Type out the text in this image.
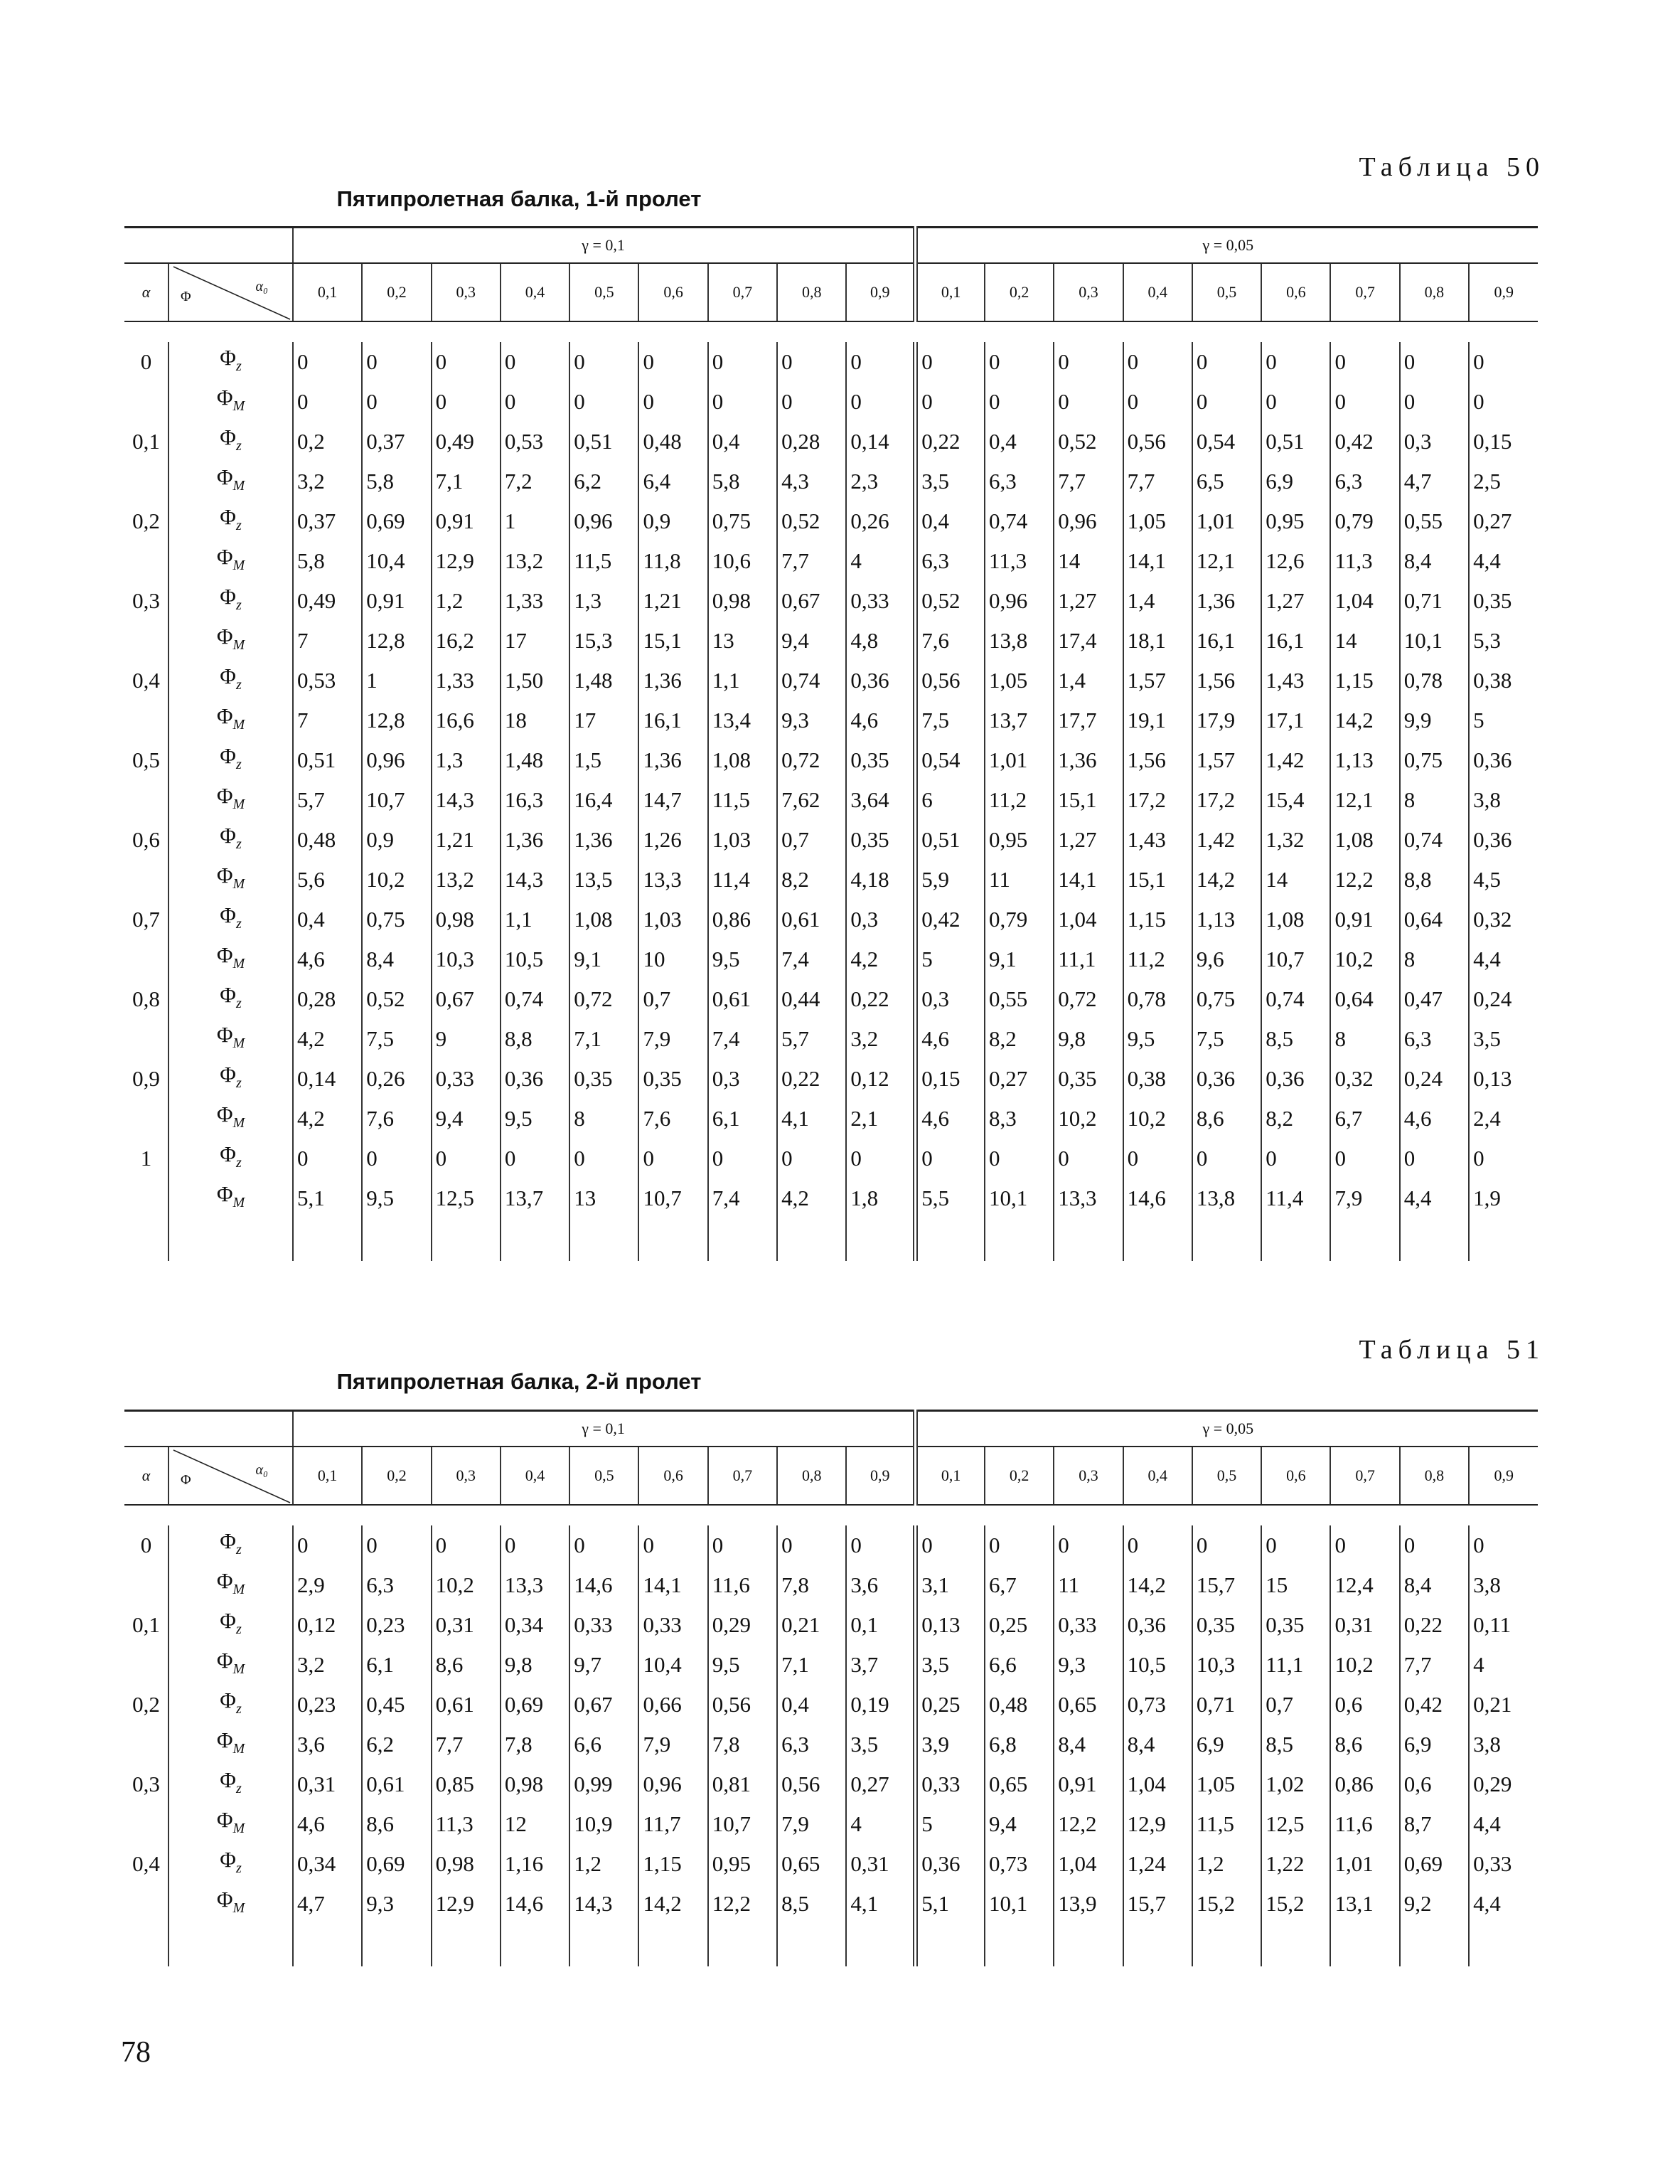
Таблица 50
Пятипролетная балка, 1-й пролет
		γ = 0,1									γ = 0,05								
α	α₀
Φ	0,1	0,2	0,3	0,4	0,5	0,6	0,7	0,8	0,9	0,1	0,2	0,3	0,4	0,5	0,6	0,7	0,8	0,9

0	$\Phi_z$	0	0	0	0	0	0	0	0	0	0	0	0	0	0	0	0	0	0
	$\Phi_M$	0	0	0	0	0	0	0	0	0	0	0	0	0	0	0	0	0	0
0,1	$\Phi_z$	0,2	0,37	0,49	0,53	0,51	0,48	0,4	0,28	0,14	0,22	0,4	0,52	0,56	0,54	0,51	0,42	0,3	0,15
	$\Phi_M$	3,2	5,8	7,1	7,2	6,2	6,4	5,8	4,3	2,3	3,5	6,3	7,7	7,7	6,5	6,9	6,3	4,7	2,5
0,2	$\Phi_z$	0,37	0,69	0,91	1	0,96	0,9	0,75	0,52	0,26	0,4	0,74	0,96	1,05	1,01	0,95	0,79	0,55	0,27
	$\Phi_M$	5,8	10,4	12,9	13,2	11,5	11,8	10,6	7,7	4	6,3	11,3	14	14,1	12,1	12,6	11,3	8,4	4,4
0,3	$\Phi_z$	0,49	0,91	1,2	1,33	1,3	1,21	0,98	0,67	0,33	0,52	0,96	1,27	1,4	1,36	1,27	1,04	0,71	0,35
	$\Phi_M$	7	12,8	16,2	17	15,3	15,1	13	9,4	4,8	7,6	13,8	17,4	18,1	16,1	16,1	14	10,1	5,3
0,4	$\Phi_z$	0,53	1	1,33	1,50	1,48	1,36	1,1	0,74	0,36	0,56	1,05	1,4	1,57	1,56	1,43	1,15	0,78	0,38
	$\Phi_M$	7	12,8	16,6	18	17	16,1	13,4	9,3	4,6	7,5	13,7	17,7	19,1	17,9	17,1	14,2	9,9	5
0,5	$\Phi_z$	0,51	0,96	1,3	1,48	1,5	1,36	1,08	0,72	0,35	0,54	1,01	1,36	1,56	1,57	1,42	1,13	0,75	0,36
	$\Phi_M$	5,7	10,7	14,3	16,3	16,4	14,7	11,5	7,62	3,64	6	11,2	15,1	17,2	17,2	15,4	12,1	8	3,8
0,6	$\Phi_z$	0,48	0,9	1,21	1,36	1,36	1,26	1,03	0,7	0,35	0,51	0,95	1,27	1,43	1,42	1,32	1,08	0,74	0,36
	$\Phi_M$	5,6	10,2	13,2	14,3	13,5	13,3	11,4	8,2	4,18	5,9	11	14,1	15,1	14,2	14	12,2	8,8	4,5
0,7	$\Phi_z$	0,4	0,75	0,98	1,1	1,08	1,03	0,86	0,61	0,3	0,42	0,79	1,04	1,15	1,13	1,08	0,91	0,64	0,32
	$\Phi_M$	4,6	8,4	10,3	10,5	9,1	10	9,5	7,4	4,2	5	9,1	11,1	11,2	9,6	10,7	10,2	8	4,4
0,8	$\Phi_z$	0,28	0,52	0,67	0,74	0,72	0,7	0,61	0,44	0,22	0,3	0,55	0,72	0,78	0,75	0,74	0,64	0,47	0,24
	$\Phi_M$	4,2	7,5	9	8,8	7,1	7,9	7,4	5,7	3,2	4,6	8,2	9,8	9,5	7,5	8,5	8	6,3	3,5
0,9	$\Phi_z$	0,14	0,26	0,33	0,36	0,35	0,35	0,3	0,22	0,12	0,15	0,27	0,35	0,38	0,36	0,36	0,32	0,24	0,13
	$\Phi_M$	4,2	7,6	9,4	9,5	8	7,6	6,1	4,1	2,1	4,6	8,3	10,2	10,2	8,6	8,2	6,7	4,6	2,4
1	$\Phi_z$	0	0	0	0	0	0	0	0	0	0	0	0	0	0	0	0	0	0
	$\Phi_M$	5,1	9,5	12,5	13,7	13	10,7	7,4	4,2	1,8	5,5	10,1	13,3	14,6	13,8	11,4	7,9	4,4	1,9

Таблица 51
Пятипролетная балка, 2-й пролет
		γ = 0,1									γ = 0,05								
α	α₀
Φ	0,1	0,2	0,3	0,4	0,5	0,6	0,7	0,8	0,9	0,1	0,2	0,3	0,4	0,5	0,6	0,7	0,8	0,9

0	$\Phi_z$	0	0	0	0	0	0	0	0	0	0	0	0	0	0	0	0	0	0
	$\Phi_M$	2,9	6,3	10,2	13,3	14,6	14,1	11,6	7,8	3,6	3,1	6,7	11	14,2	15,7	15	12,4	8,4	3,8
0,1	$\Phi_z$	0,12	0,23	0,31	0,34	0,33	0,33	0,29	0,21	0,1	0,13	0,25	0,33	0,36	0,35	0,35	0,31	0,22	0,11
	$\Phi_M$	3,2	6,1	8,6	9,8	9,7	10,4	9,5	7,1	3,7	3,5	6,6	9,3	10,5	10,3	11,1	10,2	7,7	4
0,2	$\Phi_z$	0,23	0,45	0,61	0,69	0,67	0,66	0,56	0,4	0,19	0,25	0,48	0,65	0,73	0,71	0,7	0,6	0,42	0,21
	$\Phi_M$	3,6	6,2	7,7	7,8	6,6	7,9	7,8	6,3	3,5	3,9	6,8	8,4	8,4	6,9	8,5	8,6	6,9	3,8
0,3	$\Phi_z$	0,31	0,61	0,85	0,98	0,99	0,96	0,81	0,56	0,27	0,33	0,65	0,91	1,04	1,05	1,02	0,86	0,6	0,29
	$\Phi_M$	4,6	8,6	11,3	12	10,9	11,7	10,7	7,9	4	5	9,4	12,2	12,9	11,5	12,5	11,6	8,7	4,4
0,4	$\Phi_z$	0,34	0,69	0,98	1,16	1,2	1,15	0,95	0,65	0,31	0,36	0,73	1,04	1,24	1,2	1,22	1,01	0,69	0,33
	$\Phi_M$	4,7	9,3	12,9	14,6	14,3	14,2	12,2	8,5	4,1	5,1	10,1	13,9	15,7	15,2	15,2	13,1	9,2	4,4

78
